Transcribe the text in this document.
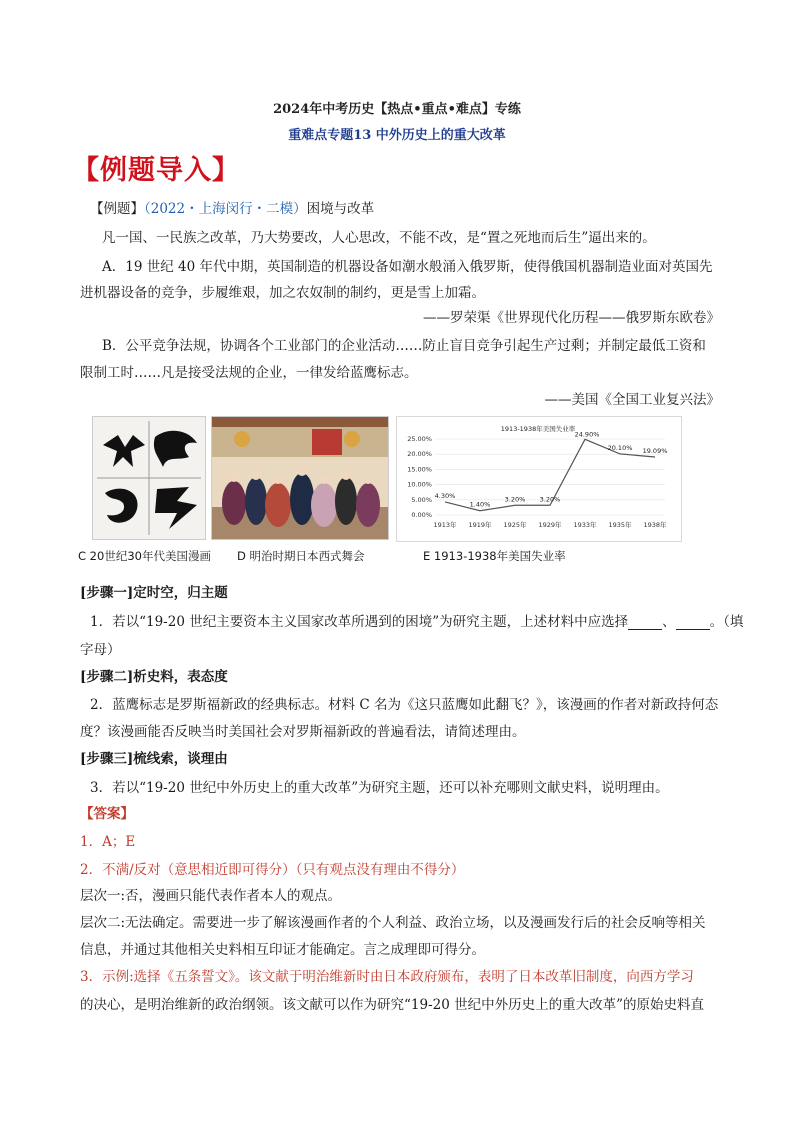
2024年中考历史【热点•重点•难点】专练
重难点专题13 中外历史上的重大改革
【例题导入】
【例题】（2022・上海闵行・二模）困境与改革
凡一国、一民族之改革，乃大势要改，人心思改，不能不改，是“置之死地而后生”逼出来的。
A．19 世纪 40 年代中期，英国制造的机器设备如潮水般涌入俄罗斯，使得俄国机器制造业面对英国先
进机器设备的竞争，步履维艰，加之农奴制的制约，更是雪上加霜。
——罗荣渠《世界现代化历程——俄罗斯东欧卷》
B．公平竞争法规，协调各个工业部门的企业活动……防止盲目竞争引起生产过剩；并制定最低工资和
限制工时……凡是接受法规的企业，一律发给蓝鹰标志。
——美国《全国工业复兴法》
1913-1938年美国失业率
0.00%
5.00%
10.00%
15.00%
20.00%
25.00%
1913年 1919年 1925年 1929年 1933年 1935年 1938年
4.30%
1.40%
3.20% 3.20%
24.90%
20.10% 19.09%
C 20世纪30年代美国漫画 D 明治时期日本西式舞会	E 1913-1938年美国失业率
[步骤一]定时空，归主题
1．若以“19-20 世纪主要资本主义国家改革所遇到的困境”为研究主题，上述材料中应选择	、	。（填
字母）
[步骤二]析史料，表态度
2．蓝鹰标志是罗斯福新政的经典标志。材料 C 名为《这只蓝鹰如此翻飞？》，该漫画的作者对新政持何态
度？该漫画能否反映当时美国社会对罗斯福新政的普遍看法，请简述理由。
[步骤三]梳线索，谈理由
3．若以“19-20 世纪中外历史上的重大改革”为研究主题，还可以补充哪则文献史料，说明理由。
【答案】
1．A；E
2．不满/反对（意思相近即可得分）（只有观点没有理由不得分）
层次一:否，漫画只能代表作者本人的观点。
层次二:无法确定。需要进一步了解该漫画作者的个人利益、政治立场，以及漫画发行后的社会反响等相关
信息，并通过其他相关史料相互印证才能确定。言之成理即可得分。
3．示例:选择《五条誓文》。该文献于明治维新时由日本政府颁布，表明了日本改革旧制度，向西方学习
的决心，是明治维新的政治纲领。该文献可以作为研究“19-20 世纪中外历史上的重大改革”的原始史料直
